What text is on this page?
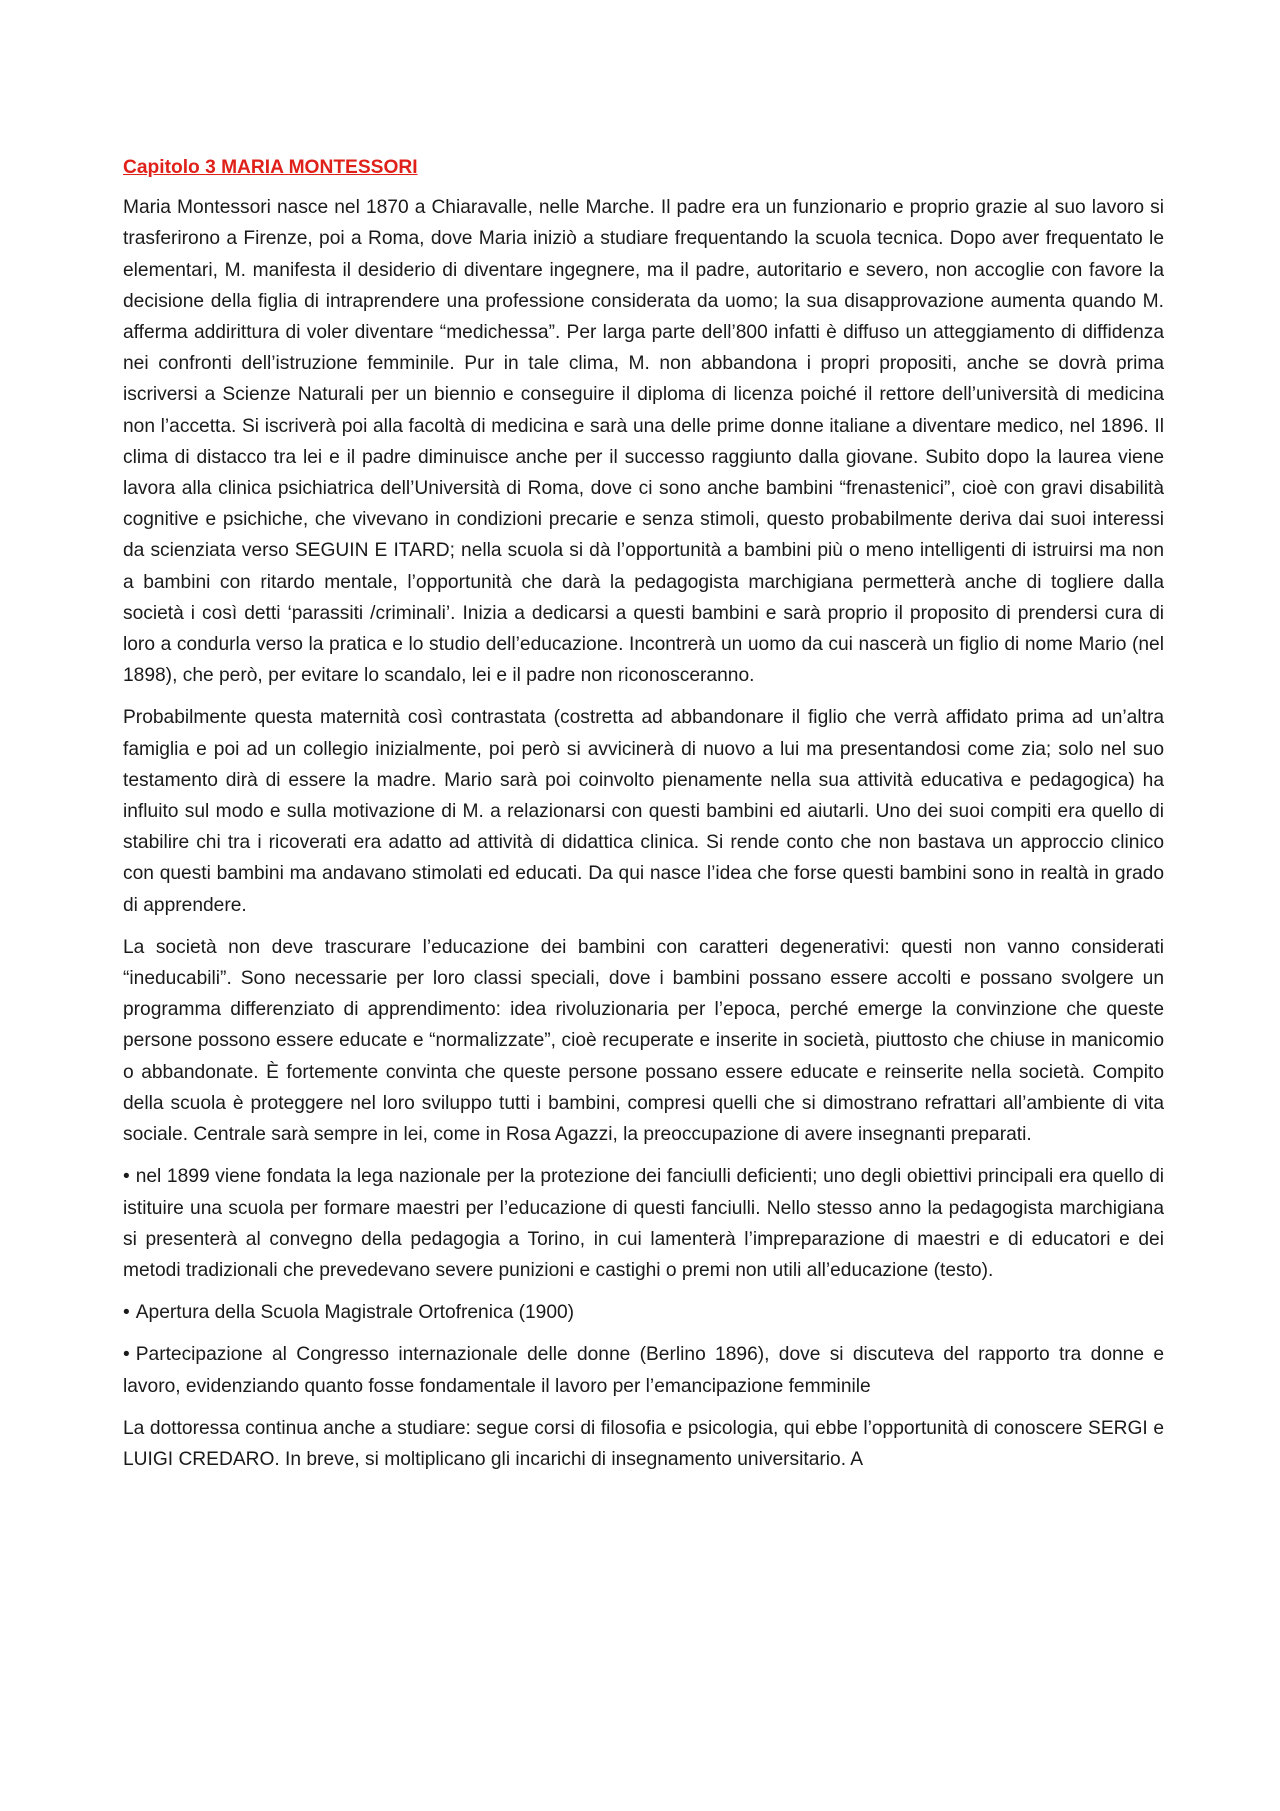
Capitolo 3 MARIA MONTESSORI

Maria Montessori nasce nel 1870 a Chiaravalle, nelle Marche. Il padre era un funzionario e proprio grazie al suo lavoro si trasferirono a Firenze, poi a Roma, dove Maria iniziò a studiare frequentando la scuola tecnica. Dopo aver frequentato le elementari, M. manifesta il desiderio di diventare ingegnere, ma il padre, autoritario e severo, non accoglie con favore la decisione della figlia di intraprendere una professione considerata da uomo; la sua disapprovazione aumenta quando M. afferma addirittura di voler diventare “medichessa”. Per larga parte dell’800 infatti è diffuso un atteggiamento di diffidenza nei confronti dell’istruzione femminile. Pur in tale clima, M. non abbandona i propri propositi, anche se dovrà prima iscriversi a Scienze Naturali per un biennio e conseguire il diploma di licenza poiché il rettore dell’università di medicina non l’accetta. Si iscriverà poi alla facoltà di medicina e sarà una delle prime donne italiane a diventare medico, nel 1896. Il clima di distacco tra lei e il padre diminuisce anche per il successo raggiunto dalla giovane. Subito dopo la laurea viene lavora alla clinica psichiatrica dell’Università di Roma, dove ci sono anche bambini “frenastenici”, cioè con gravi disabilità cognitive e psichiche, che vivevano in condizioni precarie e senza stimoli, questo probabilmente deriva dai suoi interessi da scienziata verso SEGUIN E ITARD; nella scuola si dà l’opportunità a bambini più o meno intelligenti di istruirsi ma non a bambini con ritardo mentale, l’opportunità che darà la pedagogista marchigiana permetterà anche di togliere dalla società i così detti ‘parassiti /criminali’. Inizia a dedicarsi a questi bambini e sarà proprio il proposito di prendersi cura di loro a condurla verso la pratica e lo studio dell’educazione. Incontrerà un uomo da cui nascerà un figlio di nome Mario (nel 1898), che però, per evitare lo scandalo, lei e il padre non riconosceranno.

Probabilmente questa maternità così contrastata (costretta ad abbandonare il figlio che verrà affidato prima ad un’altra famiglia e poi ad un collegio inizialmente, poi però si avvicinerà di nuovo a lui ma presentandosi come zia; solo nel suo testamento dirà di essere la madre. Mario sarà poi coinvolto pienamente nella sua attività educativa e pedagogica) ha influito sul modo e sulla motivazione di M. a relazionarsi con questi bambini ed aiutarli. Uno dei suoi compiti era quello di stabilire chi tra i ricoverati era adatto ad attività di didattica clinica. Si rende conto che non bastava un approccio clinico con questi bambini ma andavano stimolati ed educati. Da qui nasce l’idea che forse questi bambini sono in realtà in grado di apprendere.

La società non deve trascurare l’educazione dei bambini con caratteri degenerativi: questi non vanno considerati “ineducabili”. Sono necessarie per loro classi speciali, dove i bambini possano essere accolti e possano svolgere un programma differenziato di apprendimento: idea rivoluzionaria per l’epoca, perché emerge la convinzione che queste persone possono essere educate e “normalizzate”, cioè recuperate e inserite in società, piuttosto che chiuse in manicomio o abbandonate. È fortemente convinta che queste persone possano essere educate e reinserite nella società. Compito della scuola è proteggere nel loro sviluppo tutti i bambini, compresi quelli che si dimostrano refrattari all’ambiente di vita sociale. Centrale sarà sempre in lei, come in Rosa Agazzi, la preoccupazione di avere insegnanti preparati.

• nel 1899 viene fondata la lega nazionale per la protezione dei fanciulli deficienti; uno degli obiettivi principali era quello di istituire una scuola per formare maestri per l’educazione di questi fanciulli. Nello stesso anno la pedagogista marchigiana si presenterà al convegno della pedagogia a Torino, in cui lamenterà l’impreparazione di maestri e di educatori e dei metodi tradizionali che prevedevano severe punizioni e castighi o premi non utili all’educazione (testo).

• Apertura della Scuola Magistrale Ortofrenica (1900)

• Partecipazione al Congresso internazionale delle donne (Berlino 1896), dove si discuteva del rapporto tra donne e lavoro, evidenziando quanto fosse fondamentale il lavoro per l’emancipazione femminile

La dottoressa continua anche a studiare: segue corsi di filosofia e psicologia, qui ebbe l’opportunità di conoscere SERGI e LUIGI CREDARO. In breve, si moltiplicano gli incarichi di insegnamento universitario. A
